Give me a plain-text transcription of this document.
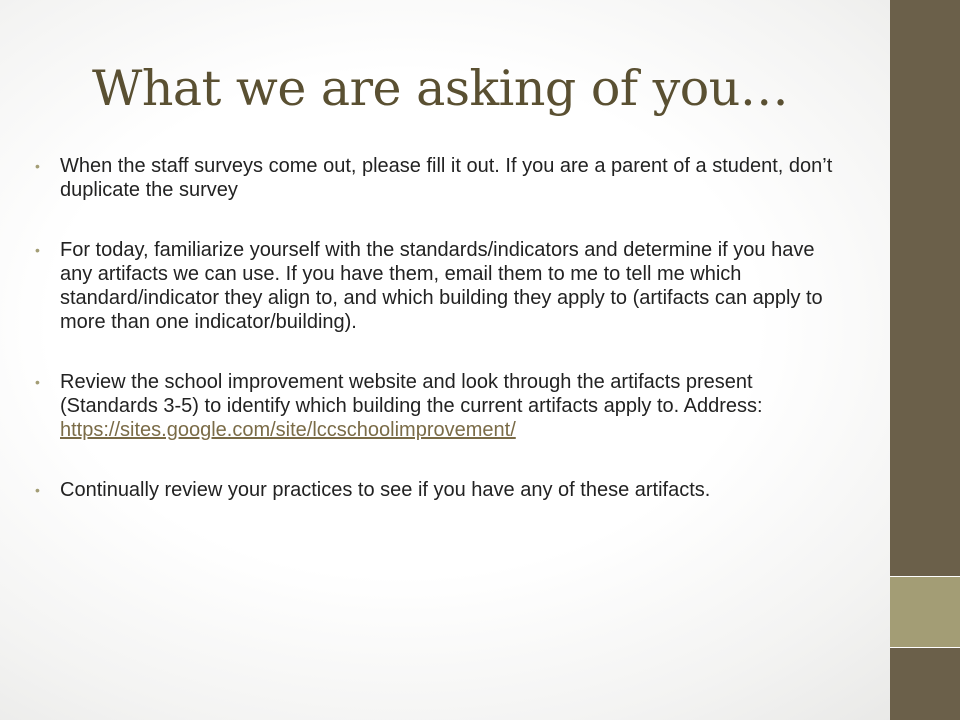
What we are asking of you…
• When the staff surveys come out, please fill it out. If you are a parent of a student, don’t duplicate the survey
• For today, familiarize yourself with the standards/indicators and determine if you have any artifacts we can use. If you have them, email them to me to tell me which standard/indicator they align to, and which building they apply to (artifacts can apply to more than one indicator/building).
• Review the school improvement website and look through the artifacts present (Standards 3-5) to identify which building the current artifacts apply to. Address: https://sites.google.com/site/lccschoolimprovement/
• Continually review your practices to see if you have any of these artifacts.
